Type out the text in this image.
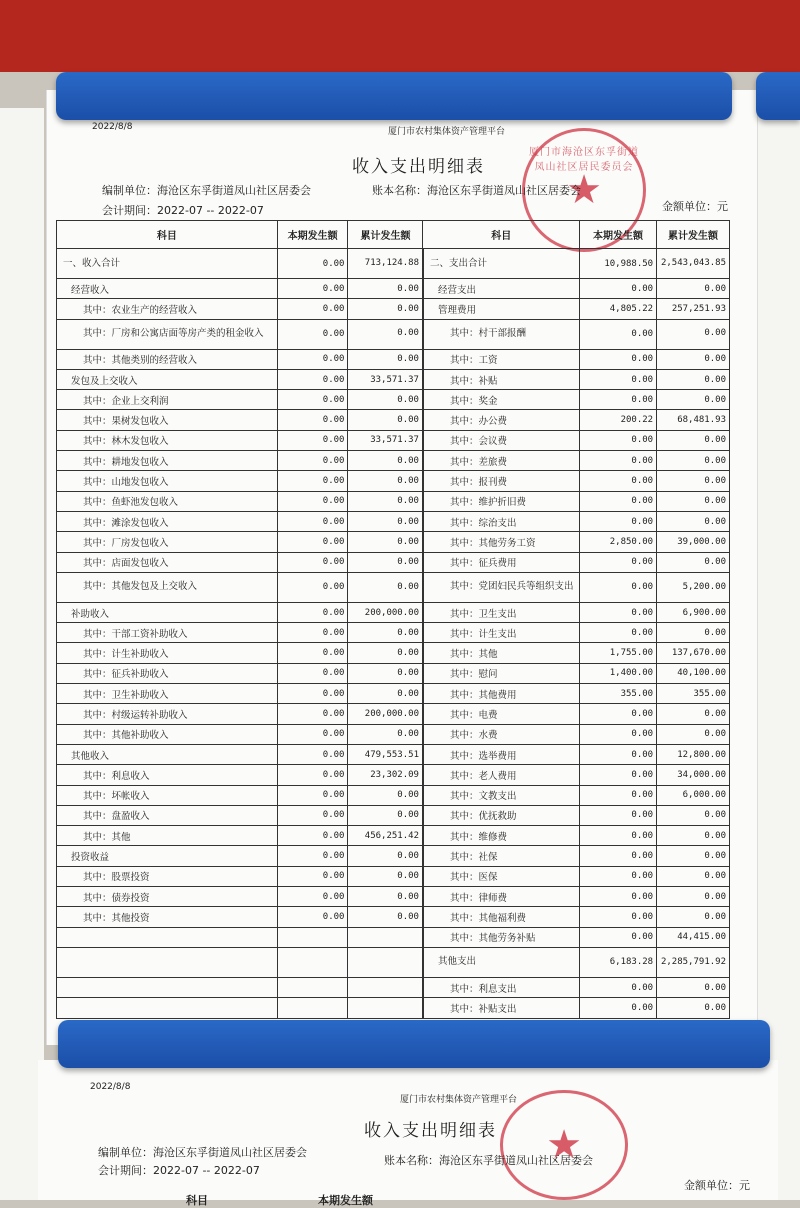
2022/8/8	厦门市农村集体资产管理平台
厦门市海沧区东孚街道凤山社区居民委员会
★
收入支出明细表
编制单位：海沧区东孚街道凤山社区居委会	账本名称：海沧区东孚街道凤山社区居委会
会计期间：2022-07 -- 2022-07	金额单位：元
科目	本期发生额	累计发生额	科目	本期发生额	累计发生额
一、收入合计	0.00	713,124.88	二、支出合计	10,988.50	2,543,043.85
经营收入	0.00	0.00	经营支出	0.00	0.00
其中：农业生产的经营收入	0.00	0.00	管理费用	4,805.22	257,251.93
其中：厂房和公寓店面等房产类的租金收入	0.00	0.00	其中：村干部报酬	0.00	0.00
其中：其他类别的经营收入	0.00	0.00	其中：工资	0.00	0.00
发包及上交收入	0.00	33,571.37	其中：补贴	0.00	0.00
其中：企业上交利润	0.00	0.00	其中：奖金	0.00	0.00
其中：果树发包收入	0.00	0.00	其中：办公费	200.22	68,481.93
其中：林木发包收入	0.00	33,571.37	其中：会议费	0.00	0.00
其中：耕地发包收入	0.00	0.00	其中：差旅费	0.00	0.00
其中：山地发包收入	0.00	0.00	其中：报刊费	0.00	0.00
其中：鱼虾池发包收入	0.00	0.00	其中：维护折旧费	0.00	0.00
其中：滩涂发包收入	0.00	0.00	其中：综治支出	0.00	0.00
其中：厂房发包收入	0.00	0.00	其中：其他劳务工资	2,850.00	39,000.00
其中：店面发包收入	0.00	0.00	其中：征兵费用	0.00	0.00
其中：其他发包及上交收入	0.00	0.00	其中：党团妇民兵等组织支出	0.00	5,200.00
补助收入	0.00	200,000.00	其中：卫生支出	0.00	6,900.00
其中：干部工资补助收入	0.00	0.00	其中：计生支出	0.00	0.00
其中：计生补助收入	0.00	0.00	其中：其他	1,755.00	137,670.00
其中：征兵补助收入	0.00	0.00	其中：慰问	1,400.00	40,100.00
其中：卫生补助收入	0.00	0.00	其中：其他费用	355.00	355.00
其中：村级运转补助收入	0.00	200,000.00	其中：电费	0.00	0.00
其中：其他补助收入	0.00	0.00	其中：水费	0.00	0.00
其他收入	0.00	479,553.51	其中：选举费用	0.00	12,800.00
其中：利息收入	0.00	23,302.09	其中：老人费用	0.00	34,000.00
其中：坏帐收入	0.00	0.00	其中：文教支出	0.00	6,000.00
其中：盘盈收入	0.00	0.00	其中：优抚救助	0.00	0.00
其中：其他	0.00	456,251.42	其中：维修费	0.00	0.00
投资收益	0.00	0.00	其中：社保	0.00	0.00
其中：股票投资	0.00	0.00	其中：医保	0.00	0.00
其中：债券投资	0.00	0.00	其中：律师费	0.00	0.00
其中：其他投资	0.00	0.00	其中：其他福利费	0.00	0.00
			其中：其他劳务补贴	0.00	44,415.00
			其他支出	6,183.28	2,285,791.92
			其中：利息支出	0.00	0.00
			其中：补贴支出	0.00	0.00
2022/8/8
厦门市农村集体资产管理平台
★
收入支出明细表
编制单位：海沧区东孚街道凤山社区居委会
账本名称：海沧区东孚街道凤山社区居委会
会计期间：2022-07 -- 2022-07
金额单位：元
科目	本期发生额
